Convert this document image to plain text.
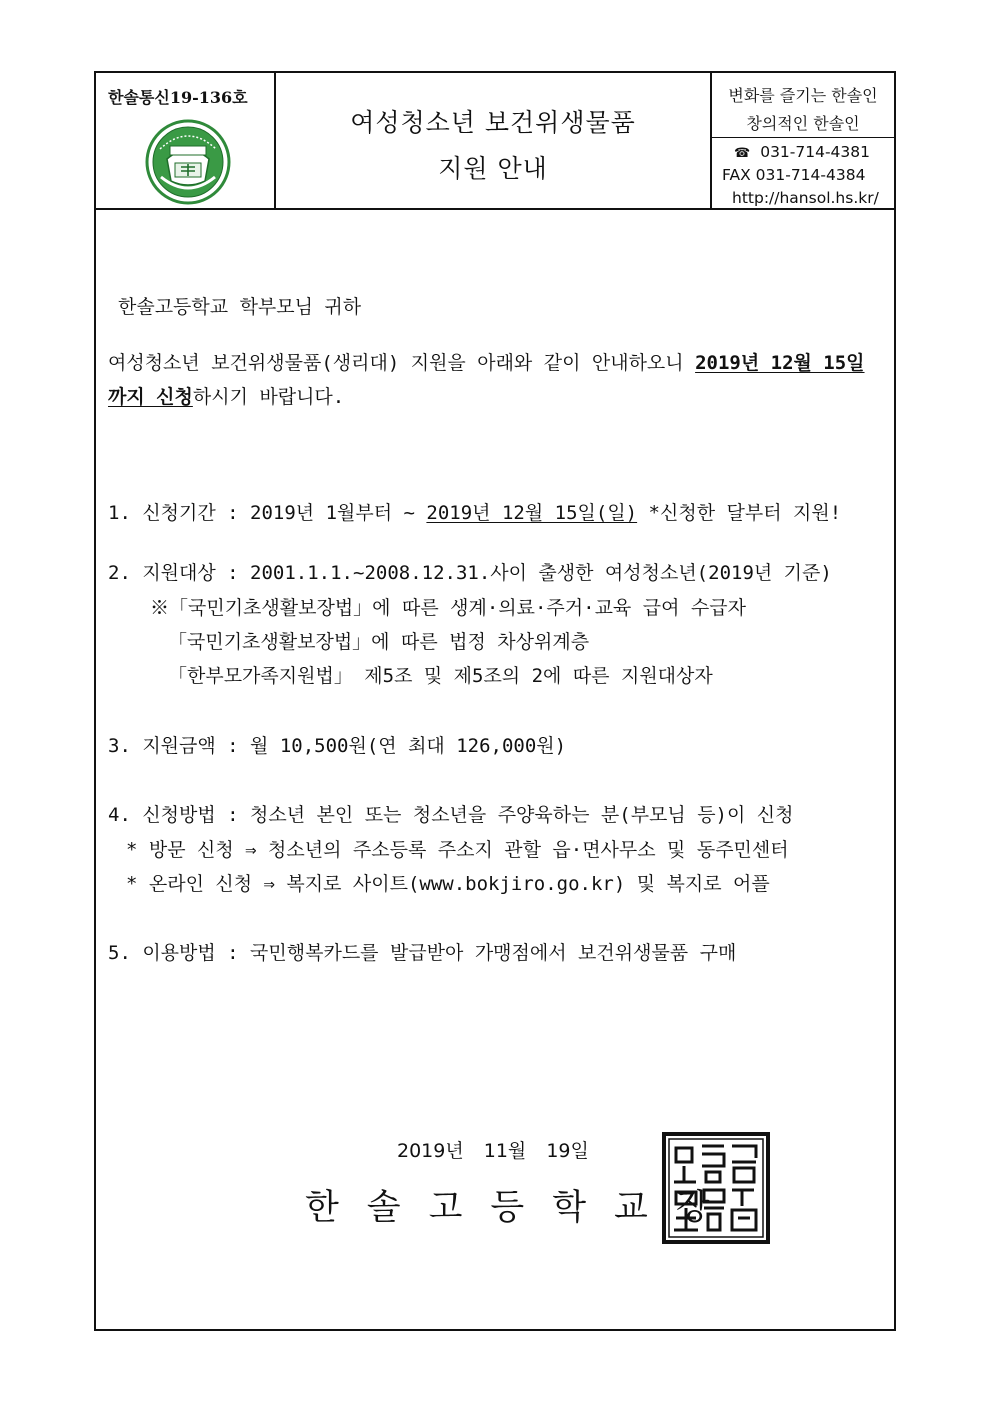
한솔통신19-136호
여성청소년 보건위생물품
지원 안내
변화를 즐기는 한솔인
창의적인 한솔인
☎ 031-714-4381
FAX 031-714-4384
http://hansol.hs.kr/
한솔고등학교 학부모님 귀하
여성청소년 보건위생물품(생리대) 지원을 아래와 같이 안내하오니 2019년 12월 15일
까지 신청하시기 바랍니다.
1. 신청기간 : 2019년 1월부터 ~ 2019년 12월 15일(일) *신청한 달부터 지원!
2. 지원대상 : 2001.1.1.~2008.12.31.사이 출생한 여성청소년(2019년 기준)
※「국민기초생활보장법」에 따른 생계·의료·주거·교육 급여 수급자
「국민기초생활보장법」에 따른 법정 차상위계층
「한부모가족지원법」 제5조 및 제5조의 2에 따른 지원대상자
3. 지원금액 : 월 10,500원(연 최대 126,000원)
4. 신청방법 : 청소년 본인 또는 청소년을 주양육하는 분(부모님 등)이 신청
* 방문 신청 ⇒ 청소년의 주소등록 주소지 관할 읍·면사무소 및 동주민센터
* 온라인 신청 ⇒ 복지로 사이트(www.bokjiro.go.kr) 및 복지로 어플
5. 이용방법 : 국민행복카드를 발급받아 가맹점에서 보건위생물품 구매
2019년 11월 19일
한솔고등학교장
